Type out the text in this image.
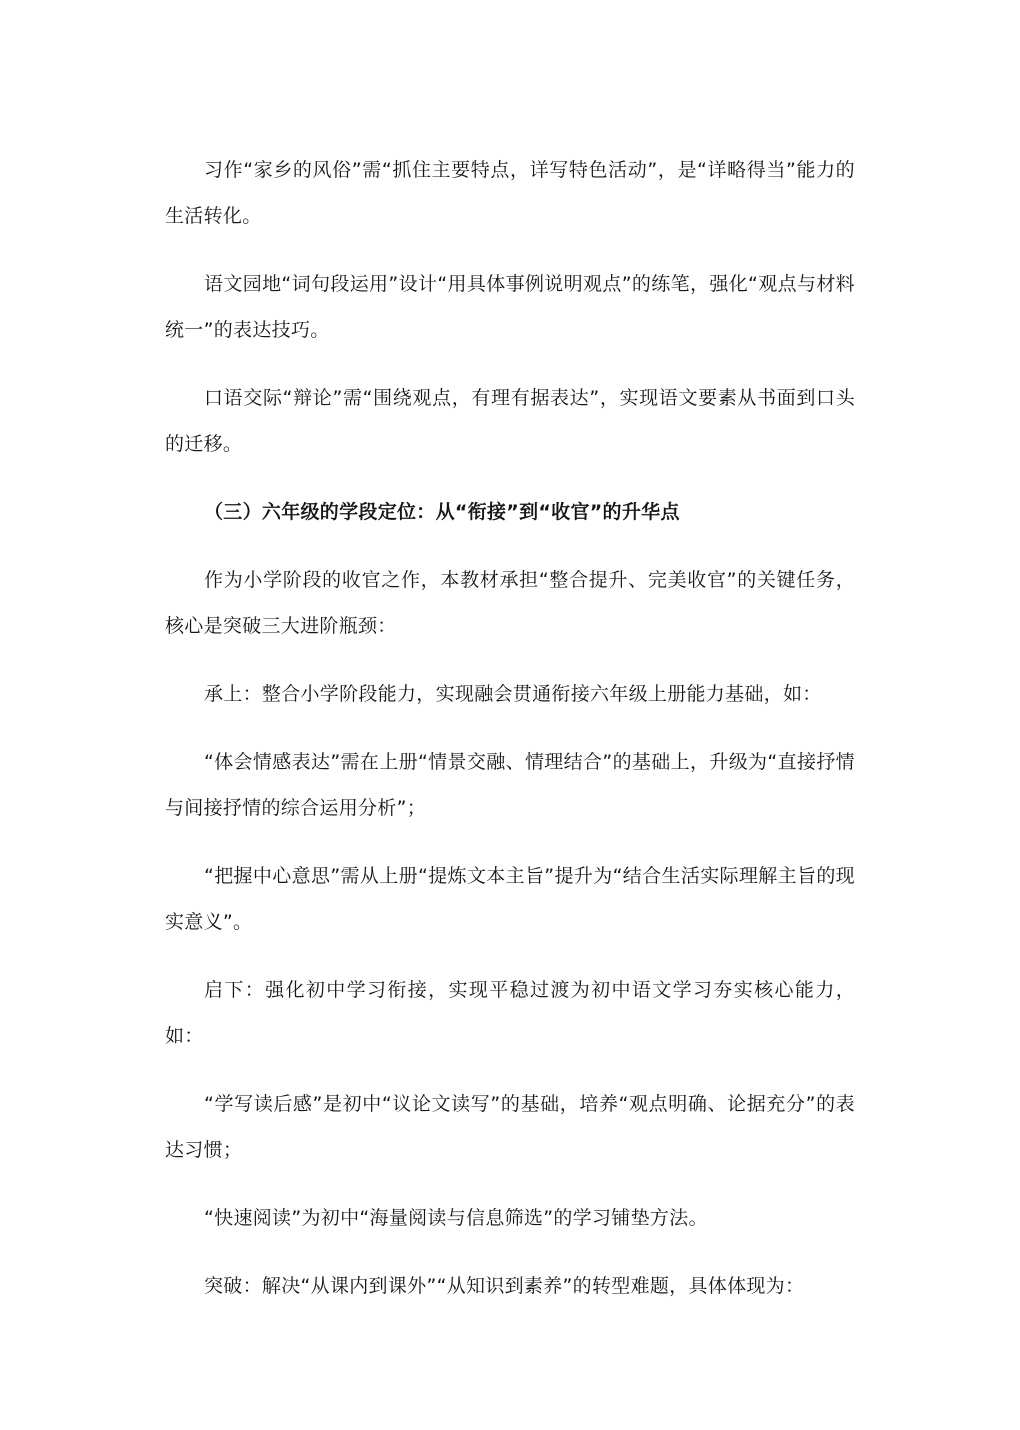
习作“家乡的风俗”需“抓住主要特点，详写特色活动”，是“详略得当”能力的生活转化。

语文园地“词句段运用”设计“用具体事例说明观点”的练笔，强化“观点与材料统一”的表达技巧。

口语交际“辩论”需“围绕观点，有理有据表达”，实现语文要素从书面到口头的迁移。

（三）六年级的学段定位：从“衔接”到“收官”的升华点

作为小学阶段的收官之作，本教材承担“整合提升、完美收官”的关键任务，核心是突破三大进阶瓶颈：

承上：整合小学阶段能力，实现融会贯通衔接六年级上册能力基础，如：

“体会情感表达”需在上册“情景交融、情理结合”的基础上，升级为“直接抒情与间接抒情的综合运用分析”；

“把握中心意思”需从上册“提炼文本主旨”提升为“结合生活实际理解主旨的现实意义”。

启下：强化初中学习衔接，实现平稳过渡为初中语文学习夯实核心能力，如：

“学写读后感”是初中“议论文读写”的基础，培养“观点明确、论据充分”的表达习惯；

“快速阅读”为初中“海量阅读与信息筛选”的学习铺垫方法。

突破：解决“从课内到课外”“从知识到素养”的转型难题，具体体现为：
